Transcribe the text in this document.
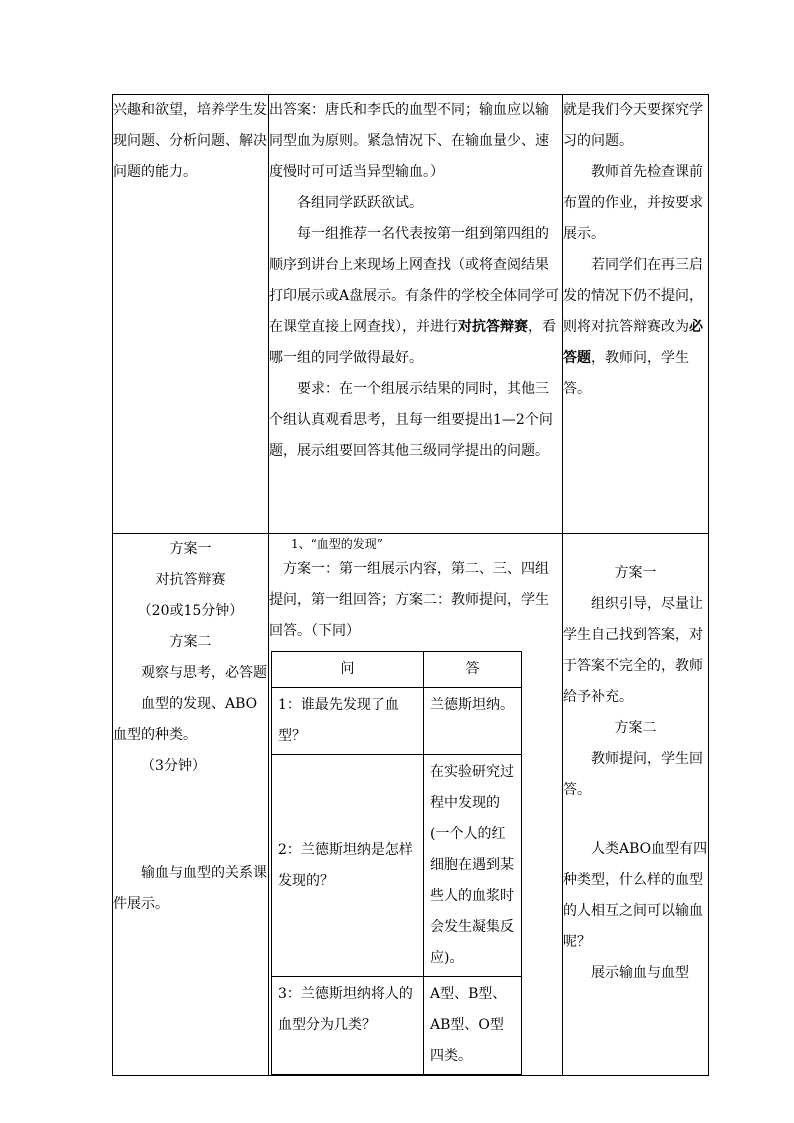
兴趣和欲望，培养学生发现问题、分析问题、解决问题的能力。

出答案：唐氏和李氏的血型不同；输血应以输同型血为原则。紧急情况下、在输血量少、速度慢时可可适当异型输血。）

各组同学跃跃欲试。

每一组推荐一名代表按第一组到第四组的顺序到讲台上来现场上网查找（或将查阅结果打印展示或A盘展示。有条件的学校全体同学可在课堂直接上网查找），并进行对抗答辩赛，看哪一组的同学做得最好。

要求：在一个组展示结果的同时，其他三个组认真观看思考，且每一组要提出1—2个问题，展示组要回答其他三级同学提出的问题。

就是我们今天要探究学习的问题。

教师首先检查课前布置的作业，并按要求展示。

若同学们在再三启发的情况下仍不提问，则将对抗答辩赛改为必答题，教师问，学生答。

方案一

对抗答辩赛

（20或15分钟）

方案二

观察与思考，必答题

血型的发现、ABO血型的种类。

（3分钟）

输血与血型的关系课件展示。

1、“血型的发现”

方案一：第一组展示内容，第二、三、四组提问，第一组回答；方案二：教师提问，学生回答。（下同）

问	答
1：谁最先发现了血型？	兰德斯坦纳。
2：兰德斯坦纳是怎样发现的？	在实验研究过程中发现的(一个人的红细胞在遇到某些人的血浆时会发生凝集反应)。
3：兰德斯坦纳将人的血型分为几类？	A型、B型、AB型、O型四类。

方案一

组织引导，尽量让学生自己找到答案，对于答案不完全的，教师给予补充。

方案二

教师提问，学生回答。

人类ABO血型有四种类型，什么样的血型的人相互之间可以输血呢？

展示输血与血型
